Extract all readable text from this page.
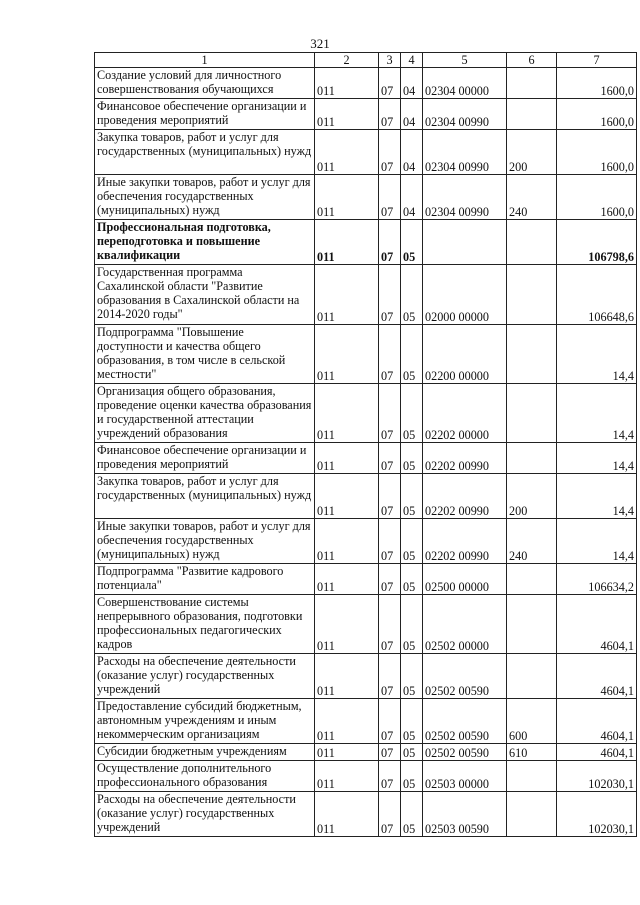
321
1	2	3	4	5	6	7
Создание условий для личностного совершенствования обучающихся	011	07	04	02304 00000		1600,0
Финансовое обеспечение организации и проведения мероприятий	011	07	04	02304 00990		1600,0
Закупка товаров, работ и услуг для государственных (муниципальных) нужд	011	07	04	02304 00990	200	1600,0
Иные закупки товаров, работ и услуг для обеспечения государственных (муниципальных) нужд	011	07	04	02304 00990	240	1600,0
Профессиональная подготовка, переподготовка и повышение квалификации	011	07	05			106798,6
Государственная программа Сахалинской области "Развитие образования в Сахалинской области на 2014-2020 годы"	011	07	05	02000 00000		106648,6
Подпрограмма "Повышение доступности и качества общего образования, в том числе в сельской местности"	011	07	05	02200 00000		14,4
Организация общего образования, проведение оценки качества образования и государственной аттестации учреждений образования	011	07	05	02202 00000		14,4
Финансовое обеспечение организации и проведения мероприятий	011	07	05	02202 00990		14,4
Закупка товаров, работ и услуг для государственных (муниципальных) нужд	011	07	05	02202 00990	200	14,4
Иные закупки товаров, работ и услуг для обеспечения государственных (муниципальных) нужд	011	07	05	02202 00990	240	14,4
Подпрограмма "Развитие кадрового потенциала"	011	07	05	02500 00000		106634,2
Совершенствование системы непрерывного образования, подготовки профессиональных педагогических кадров	011	07	05	02502 00000		4604,1
Расходы на обеспечение деятельности (оказание услуг) государственных учреждений	011	07	05	02502 00590		4604,1
Предоставление субсидий бюджетным, автономным учреждениям и иным некоммерческим организациям	011	07	05	02502 00590	600	4604,1
Субсидии бюджетным учреждениям	011	07	05	02502 00590	610	4604,1
Осуществление дополнительного профессионального образования	011	07	05	02503 00000		102030,1
Расходы на обеспечение деятельности (оказание услуг) государственных учреждений	011	07	05	02503 00590		102030,1
